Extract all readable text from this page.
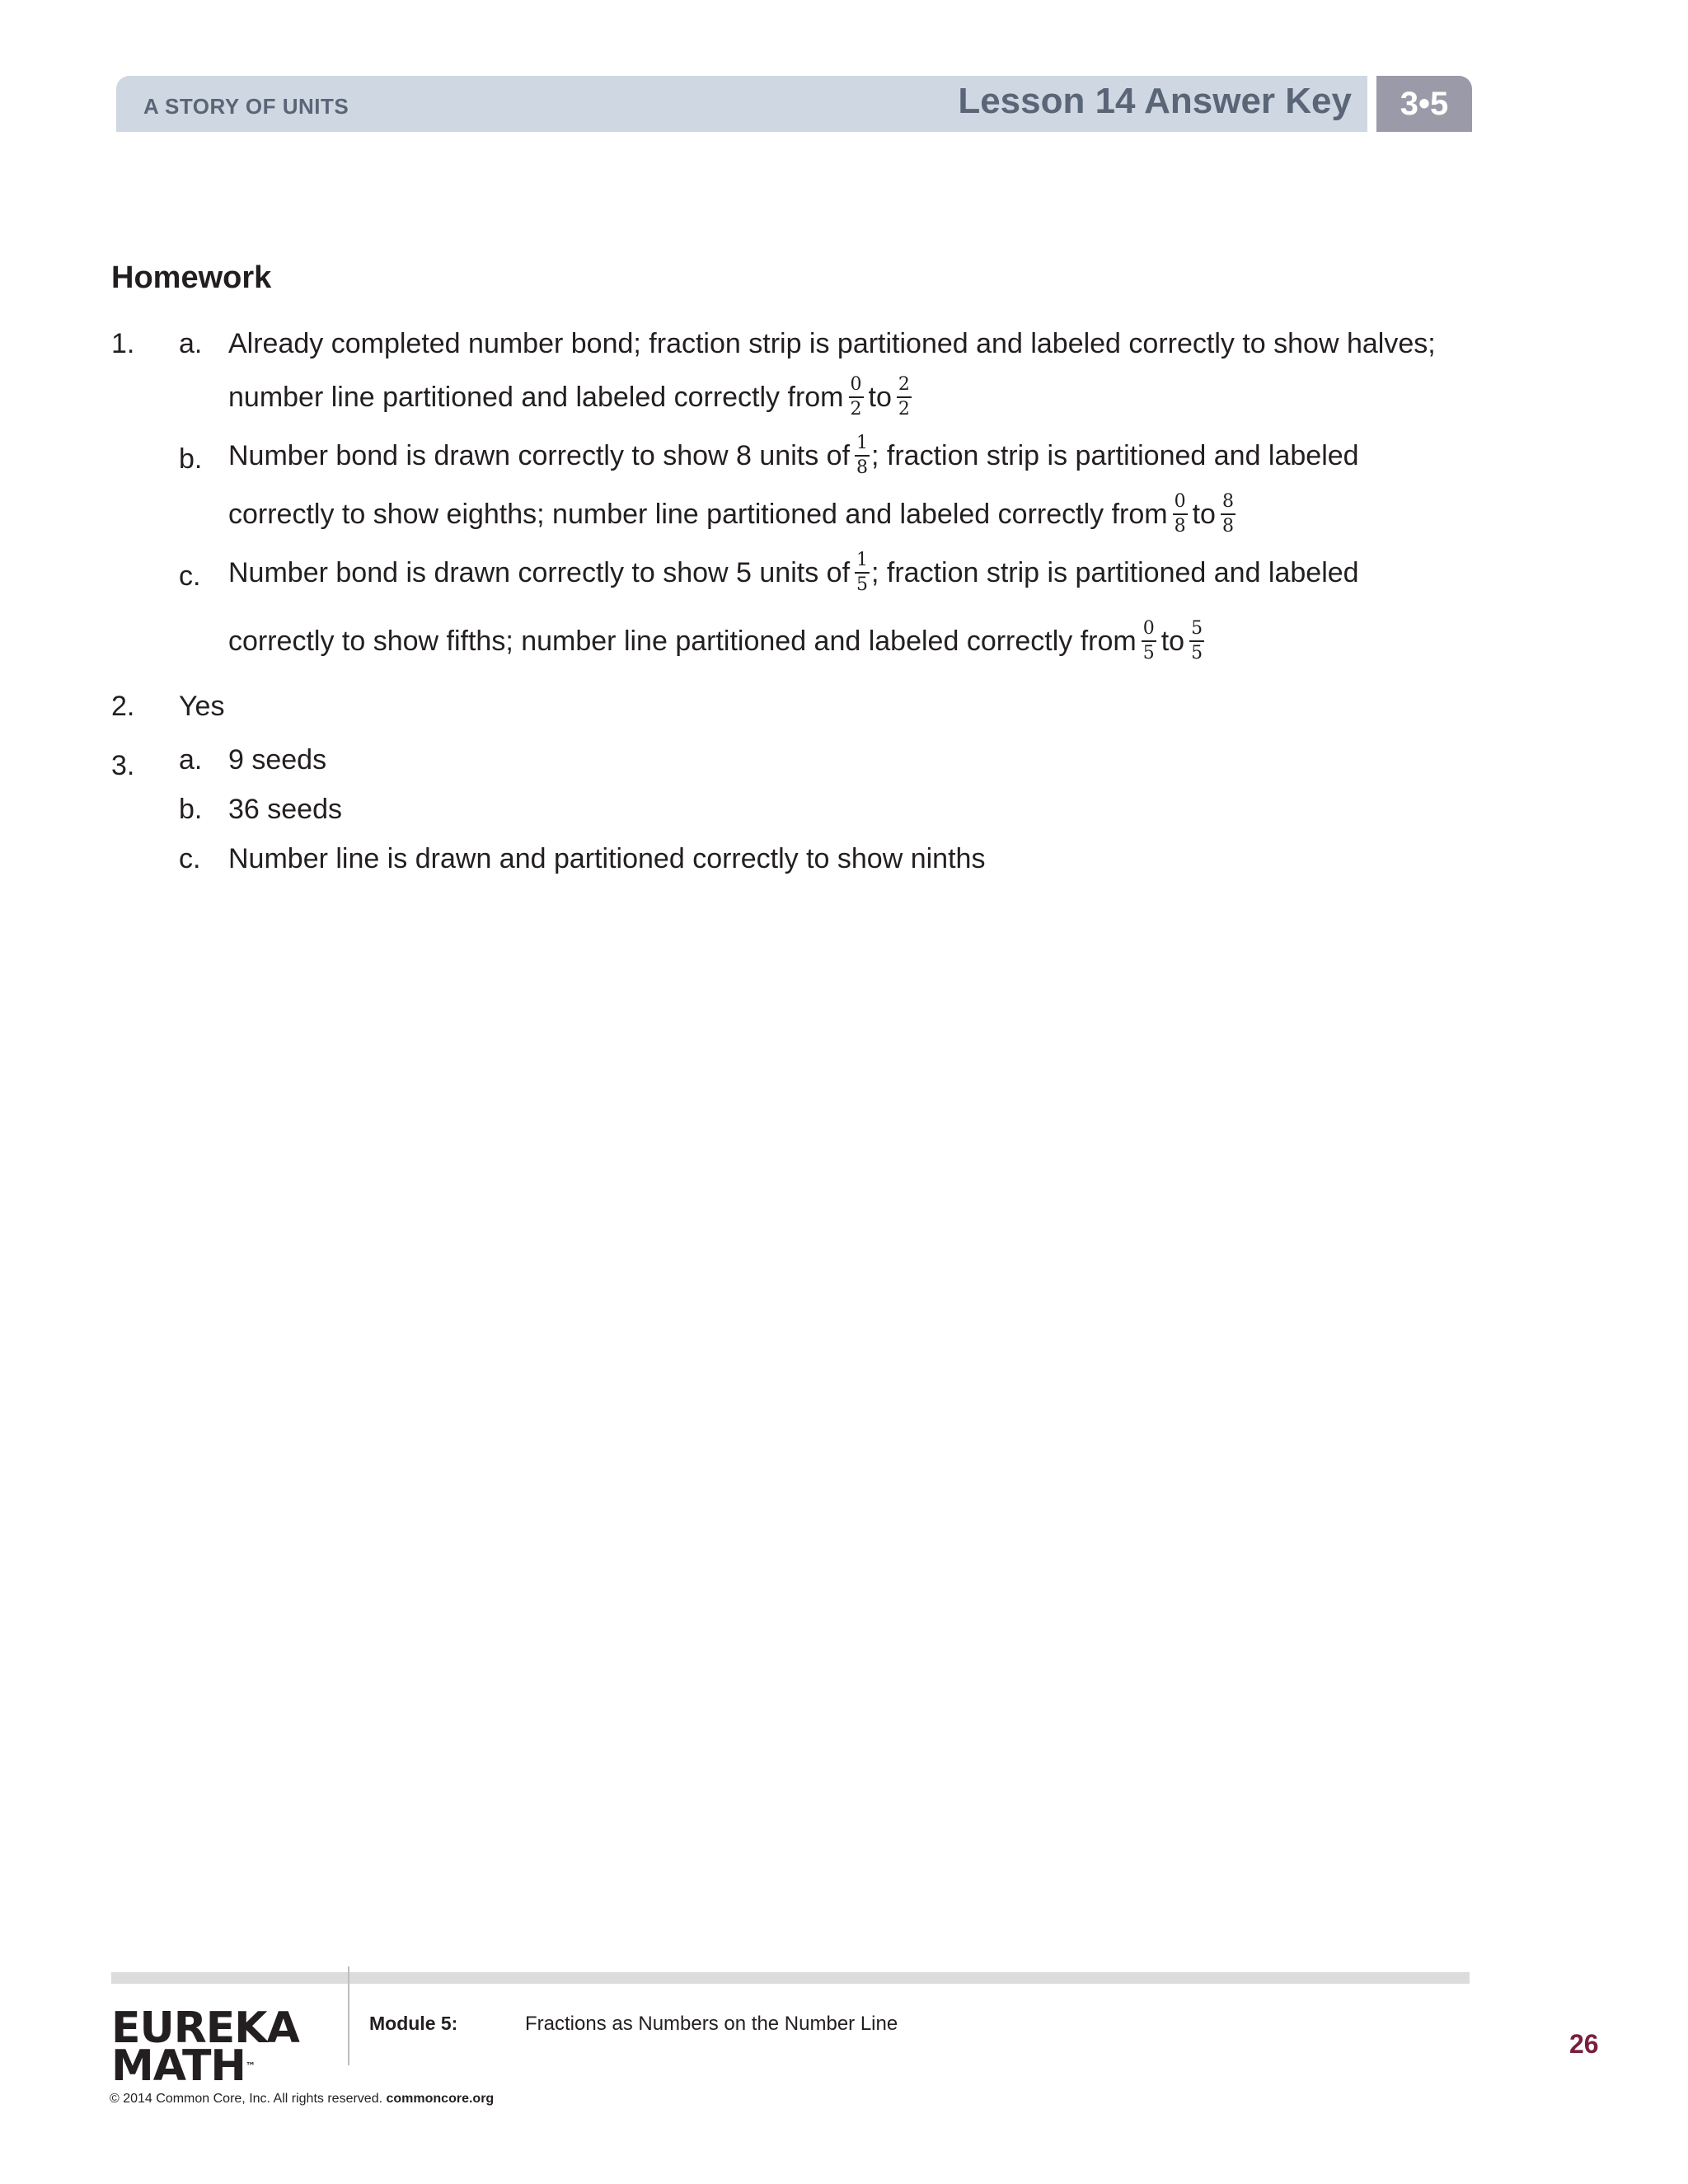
A STORY OF UNITS	Lesson 14 Answer Key	3•5
Homework
1. a. Already completed number bond; fraction strip is partitioned and labeled correctly to show halves;
number line partitioned and labeled correctly from $\frac{0}{2}$ to $\frac{2}{2}$
b. Number bond is drawn correctly to show 8 units of $\frac{1}{8}$ ; fraction strip is partitioned and labeled
correctly to show eighths; number line partitioned and labeled correctly from $\frac{0}{8}$ to $\frac{8}{8}$
c. Number bond is drawn correctly to show 5 units of $\frac{1}{5}$ ; fraction strip is partitioned and labeled
correctly to show fifths; number line partitioned and labeled correctly from $\frac{0}{5}$ to $\frac{5}{5}$
2. Yes
3. a. 9 seeds
b. 36 seeds
c. Number line is drawn and partitioned correctly to show ninths
EUREKA
MATH™
Module 5:	Fractions as Numbers on the Number Line
26
© 2014 Common Core, Inc. All rights reserved. commoncore.org
